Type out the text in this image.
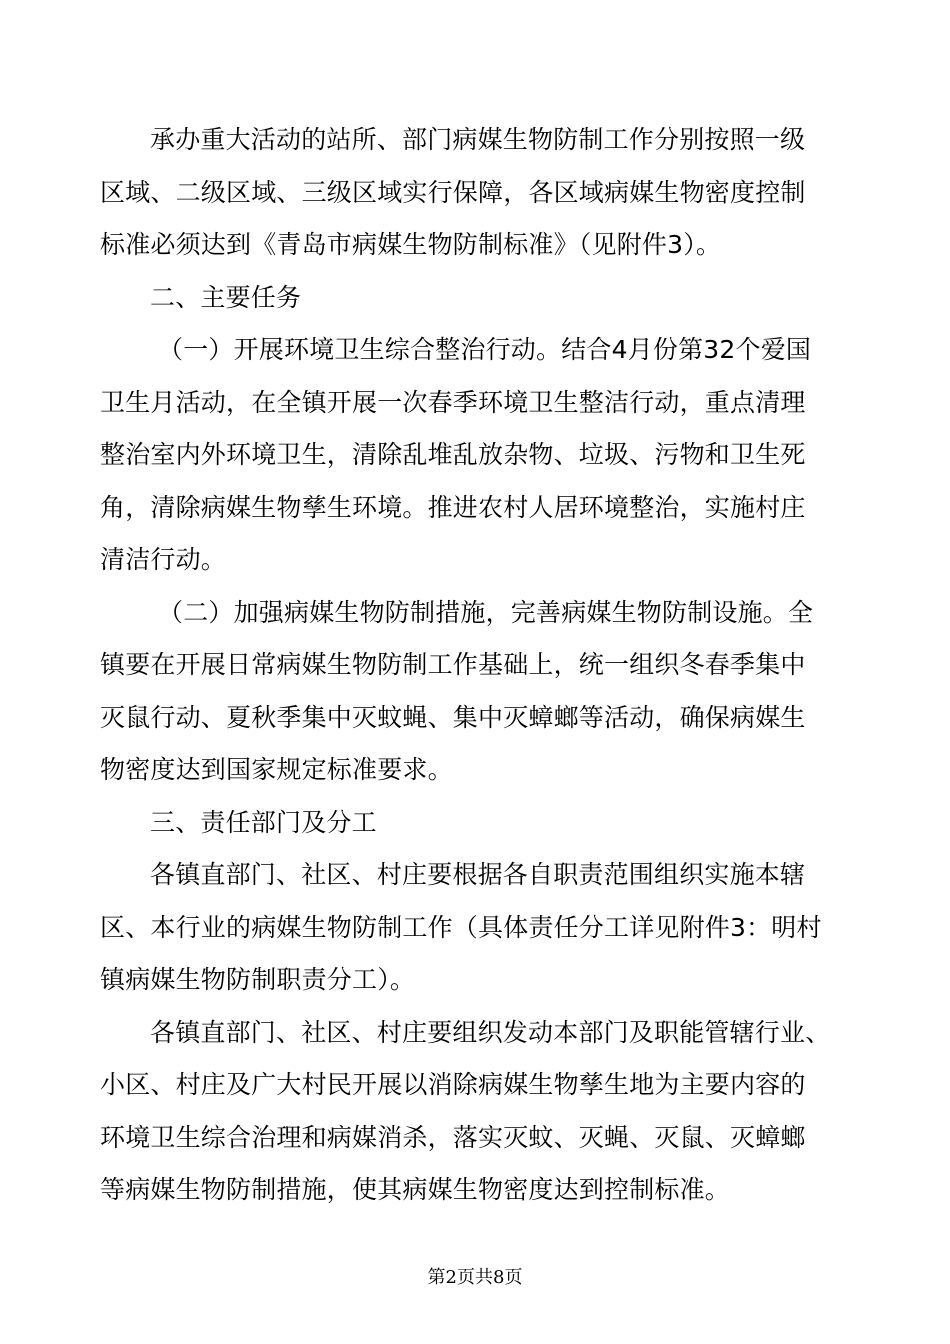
承办重大活动的站所、部门病媒生物防制工作分别按照一级
区域、二级区域、三级区域实行保障，各区域病媒生物密度控制
标准必须达到《青岛市病媒生物防制标准》（见附件3）。
二、主要任务
（一）开展环境卫生综合整治行动。结合4月份第32个爱国
卫生月活动，在全镇开展一次春季环境卫生整洁行动，重点清理
整治室内外环境卫生，清除乱堆乱放杂物、垃圾、污物和卫生死
角，清除病媒生物孳生环境。推进农村人居环境整治，实施村庄
清洁行动。
（二）加强病媒生物防制措施，完善病媒生物防制设施。全
镇要在开展日常病媒生物防制工作基础上，统一组织冬春季集中
灭鼠行动、夏秋季集中灭蚊蝇、集中灭蟑螂等活动，确保病媒生
物密度达到国家规定标准要求。
三、责任部门及分工
各镇直部门、社区、村庄要根据各自职责范围组织实施本辖
区、本行业的病媒生物防制工作（具体责任分工详见附件3：明村
镇病媒生物防制职责分工）。
各镇直部门、社区、村庄要组织发动本部门及职能管辖行业、
小区、村庄及广大村民开展以消除病媒生物孳生地为主要内容的
环境卫生综合治理和病媒消杀，落实灭蚊、灭蝇、灭鼠、灭蟑螂
等病媒生物防制措施，使其病媒生物密度达到控制标准。
第2页共8页
